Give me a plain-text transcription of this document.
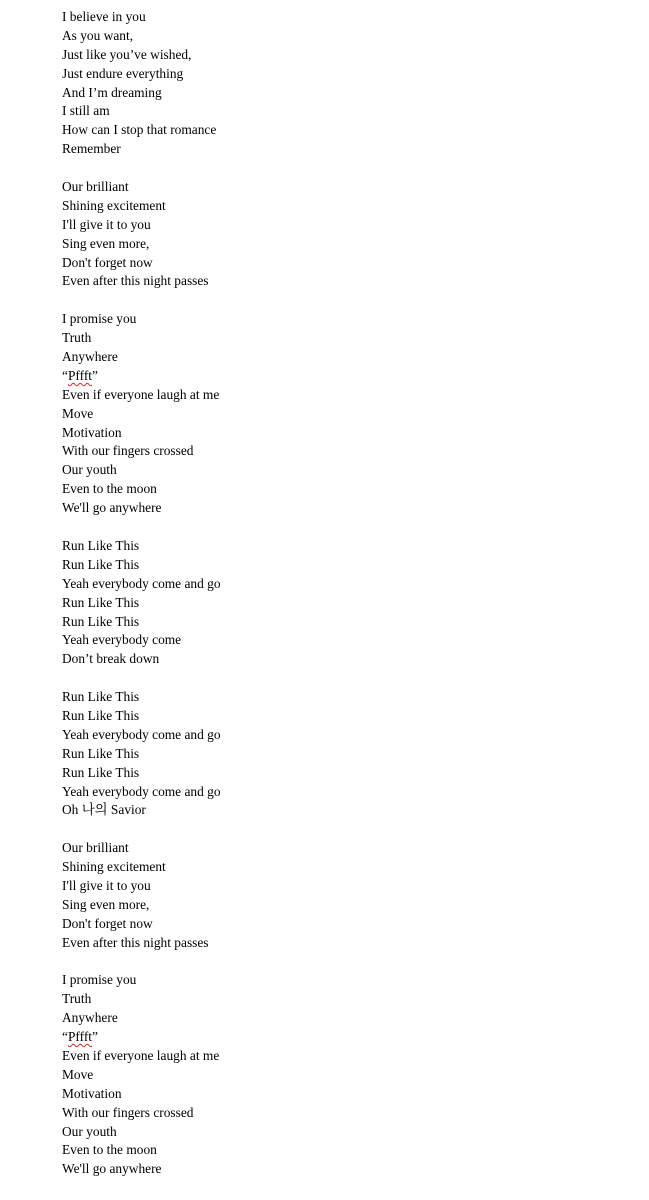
I believe in you
As you want,
Just like you’ve wished,
Just endure everything
And I’m dreaming
I still am
How can I stop that romance
Remember
Our brilliant
Shining excitement
I'll give it to you
Sing even more,
Don't forget now
Even after this night passes
I promise you
Truth
Anywhere
“Pffft”
Even if everyone laugh at me
Move
Motivation
With our fingers crossed
Our youth
Even to the moon
We'll go anywhere
Run Like This
Run Like This
Yeah everybody come and go
Run Like This
Run Like This
Yeah everybody come
Don’t break down
Run Like This
Run Like This
Yeah everybody come and go
Run Like This
Run Like This
Yeah everybody come and go
Oh 나의 Savior
Our brilliant
Shining excitement
I'll give it to you
Sing even more,
Don't forget now
Even after this night passes
I promise you
Truth
Anywhere
“Pffft”
Even if everyone laugh at me
Move
Motivation
With our fingers crossed
Our youth
Even to the moon
We'll go anywhere
